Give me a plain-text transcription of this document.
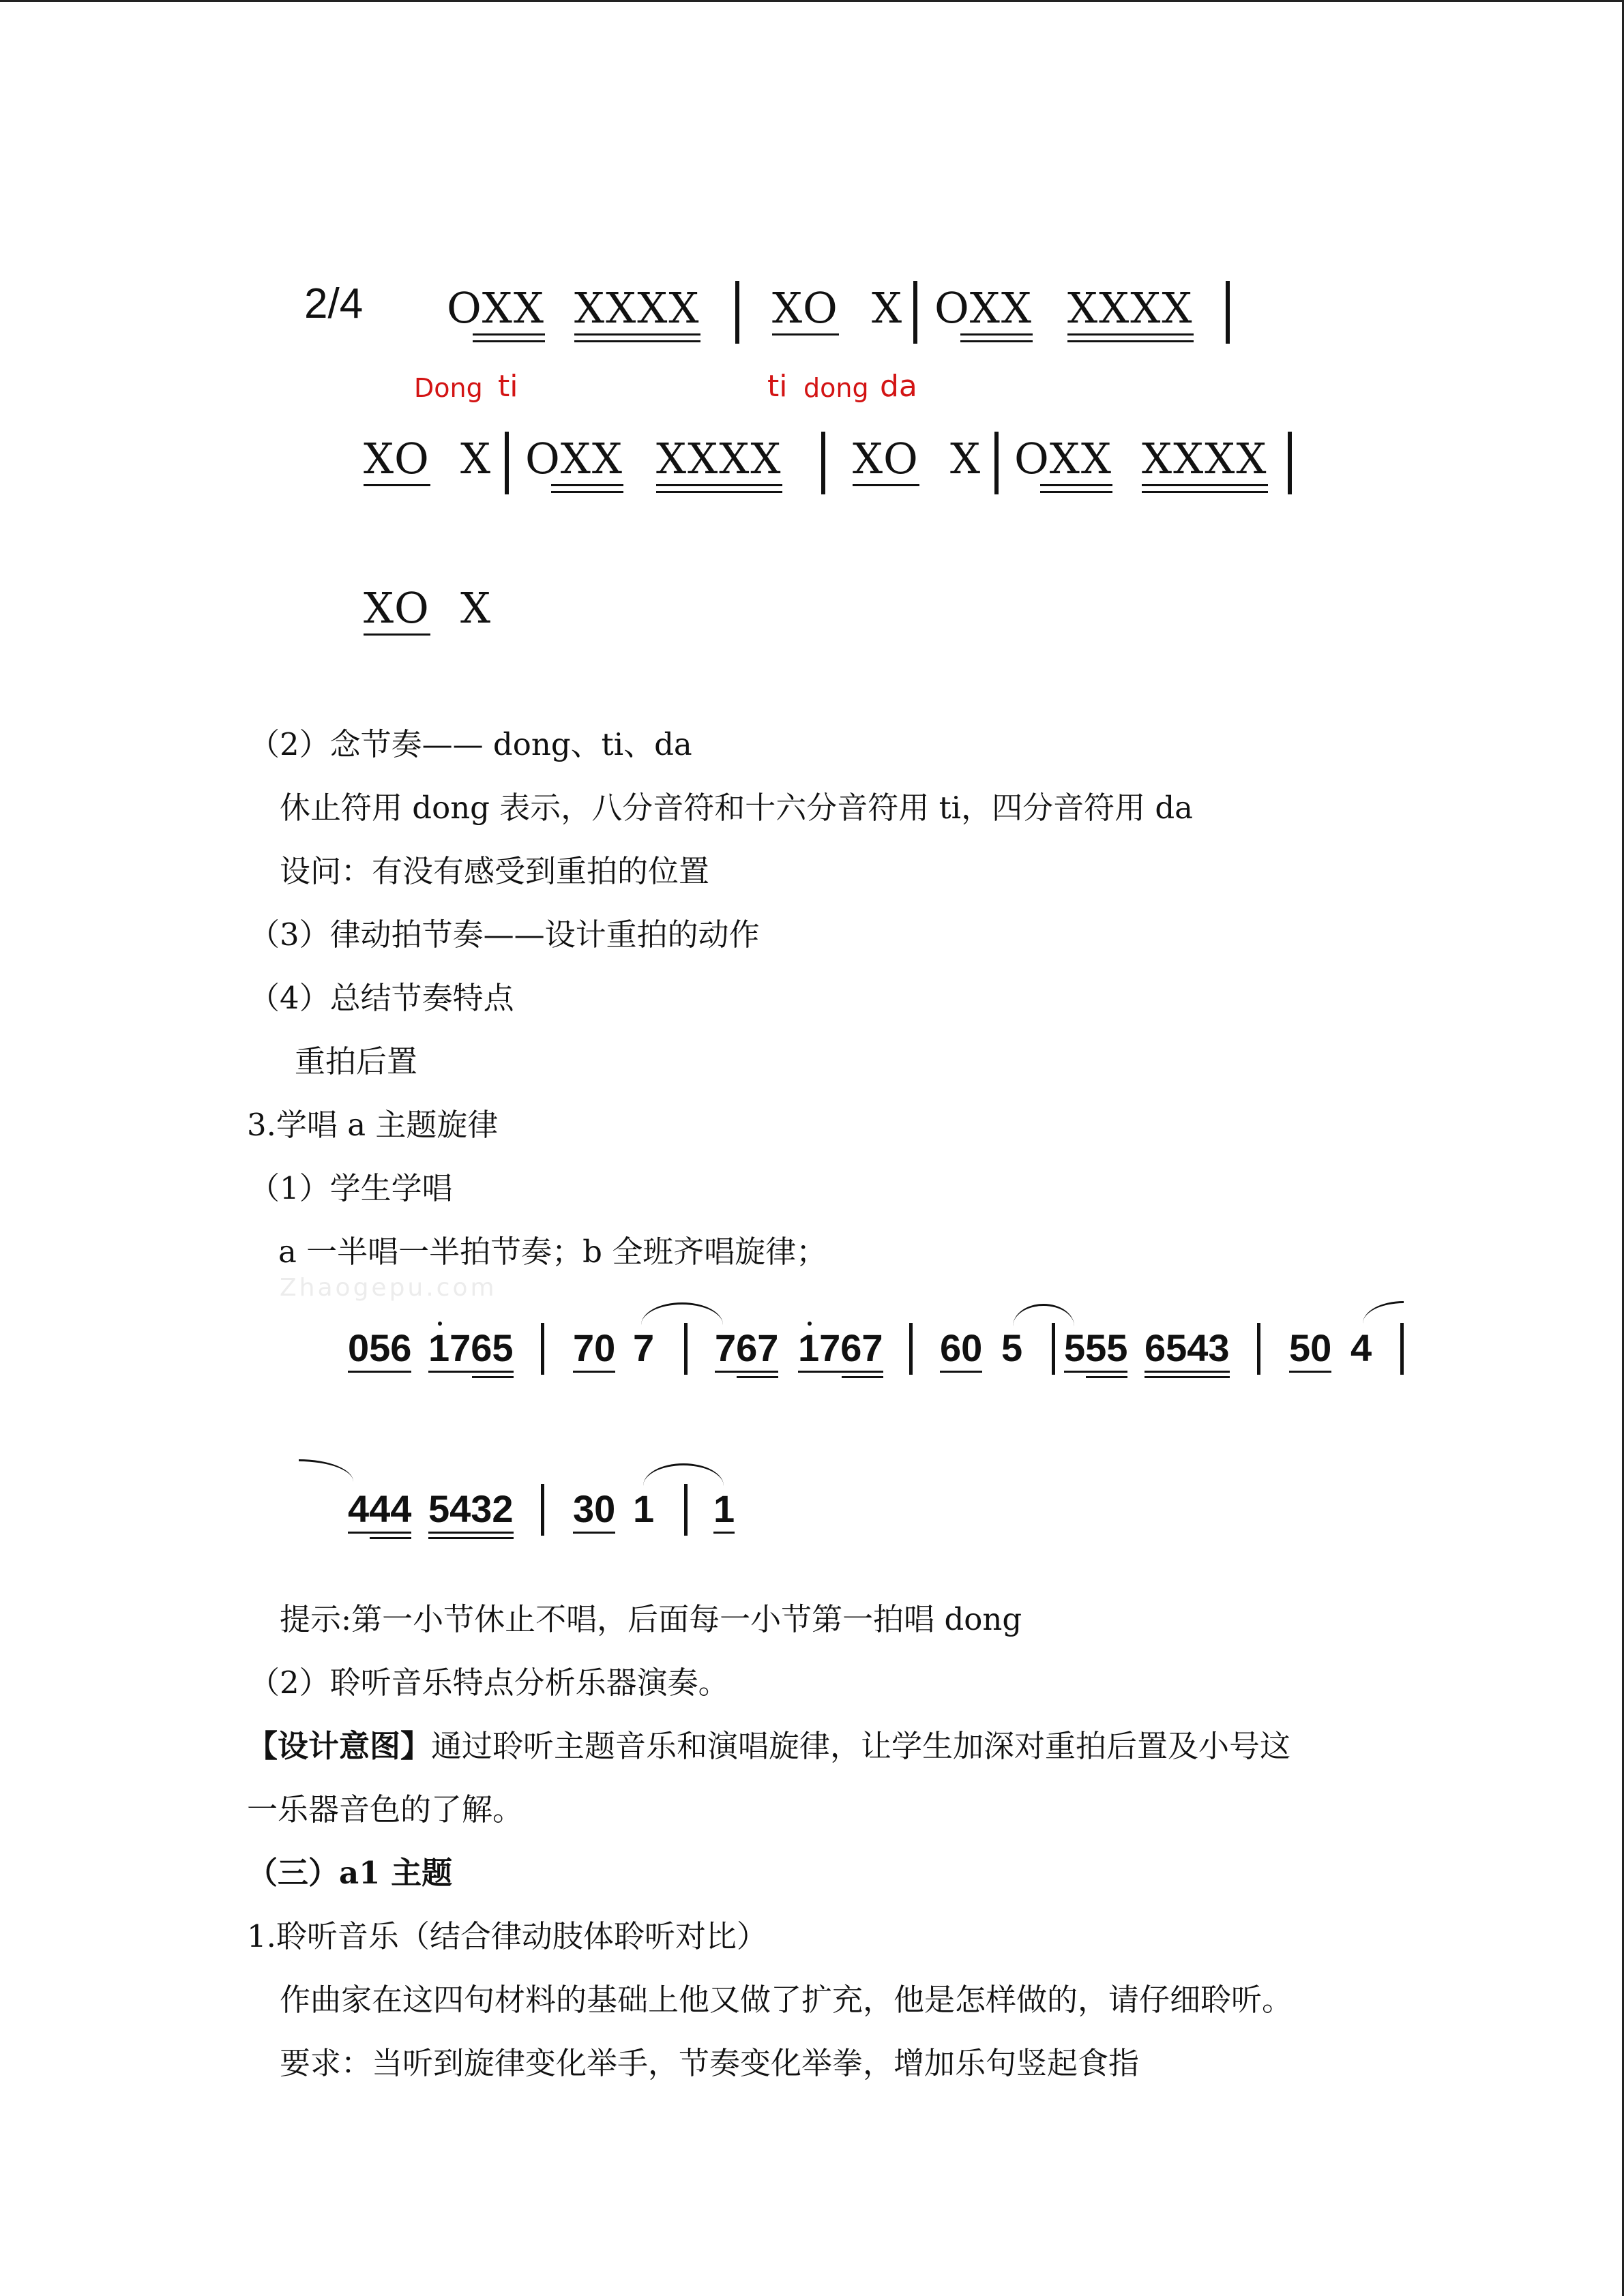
2/4 OXX XXXX XO X OXX XXXX
Dong ti	ti dong da
XO X OXX XXXX XO X OXX XXXX
XO X
（2）念节奏—— dong、ti、da
休止符用 dong 表示，八分音符和十六分音符用 ti，四分音符用 da
设问：有没有感受到重拍的位置
（3）律动拍节奏——设计重拍的动作
（4）总结节奏特点
重拍后置
3.学唱 a 主题旋律
（1）学生学唱
a 一半唱一半拍节奏；b 全班齐唱旋律；
Zhaogepu.com
056 1765 70 7 767 1767 60 5 555 6543 50 4
444 5432 30 1 1
提示:第一小节休止不唱，后面每一小节第一拍唱 dong
（2）聆听音乐特点分析乐器演奏。
【设计意图】通过聆听主题音乐和演唱旋律，让学生加深对重拍后置及小号这
一乐器音色的了解。
（三）a1 主题
1.聆听音乐（结合律动肢体聆听对比）
作曲家在这四句材料的基础上他又做了扩充，他是怎样做的，请仔细聆听。
要求：当听到旋律变化举手，节奏变化举拳，增加乐句竖起食指
